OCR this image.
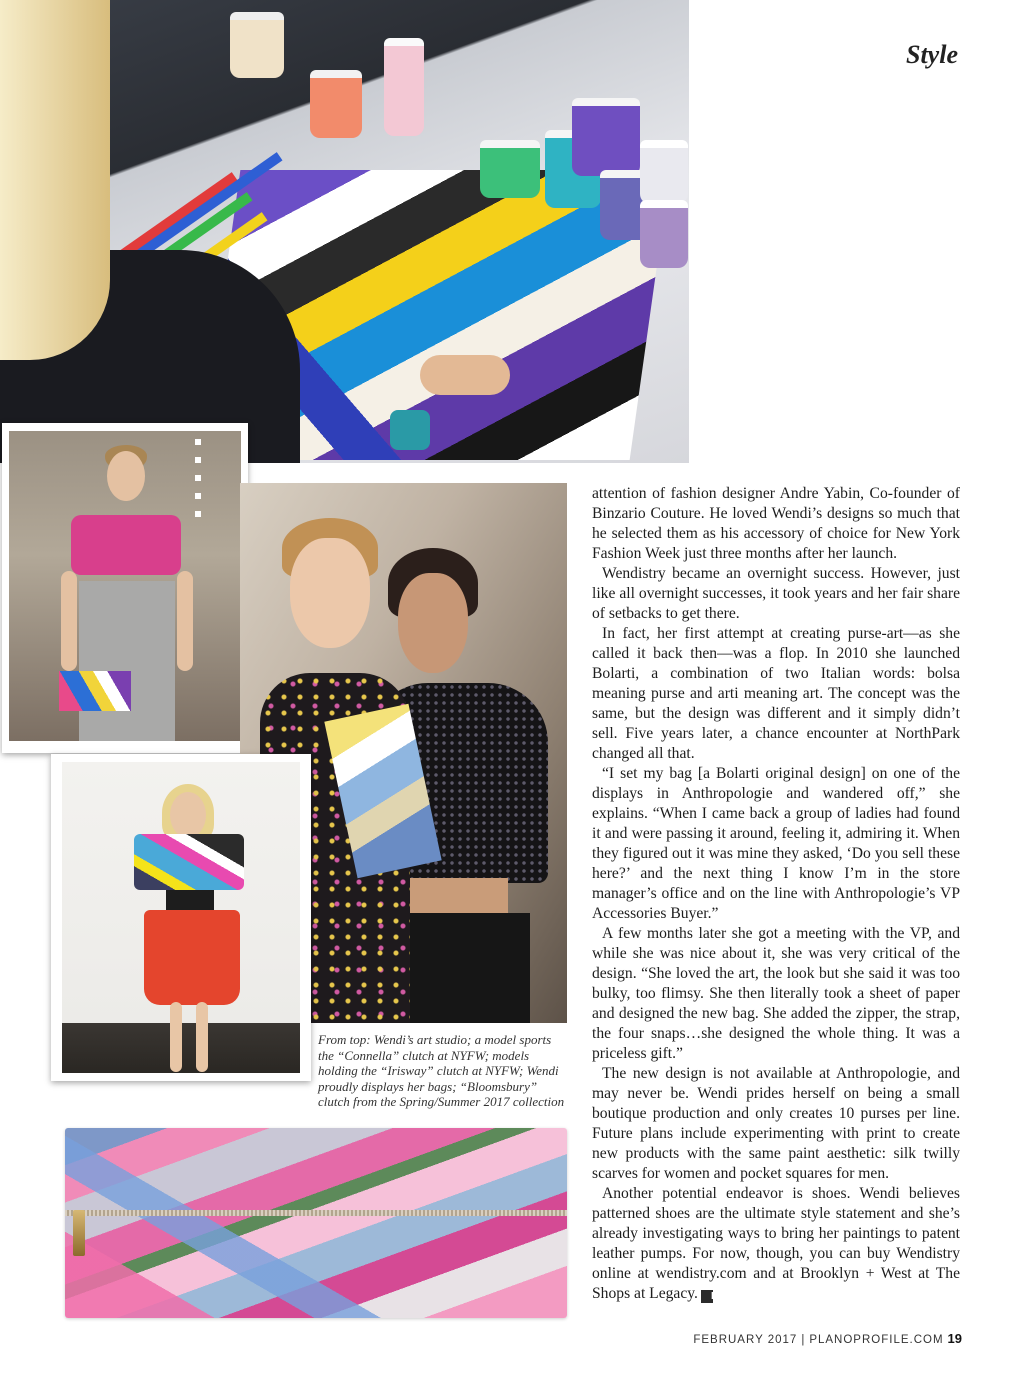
Style

From top: Wendi’s art studio; a model sports the “Connella” clutch at NYFW; models holding the “Irisway” clutch at NYFW; Wendi proudly displays her bags; “Bloomsbury” clutch from the Spring/Summer 2017 collection

attention of fashion designer Andre Yabin, Co-founder of Binzario Couture. He loved Wendi’s designs so much that he selected them as his accessory of choice for New York Fashion Week just three months after her launch.

Wendistry became an overnight success. However, just like all overnight successes, it took years and her fair share of setbacks to get there.

In fact, her first attempt at creating purse-art—as she called it back then—was a flop. In 2010 she launched Bolarti, a combination of two Italian words: bolsa meaning purse and arti meaning art. The concept was the same, but the design was different and it simply didn’t sell. Five years later, a chance encounter at NorthPark changed all that.

“I set my bag [a Bolarti original design] on one of the displays in Anthropologie and wandered off,” she explains. “When I came back a group of ladies had found it and were passing it around, feeling it, admiring it. When they figured out it was mine they asked, ‘Do you sell these here?’ and the next thing I know I’m in the store manager’s office and on the line with Anthropologie’s VP Accessories Buyer.”

A few months later she got a meeting with the VP, and while she was nice about it, she was very critical of the design. “She loved the art, the look but she said it was too bulky, too flimsy. She then literally took a sheet of paper and designed the new bag. She added the zipper, the strap, the four snaps…she designed the whole thing. It was a priceless gift.”

The new design is not available at Anthropologie, and may never be. Wendi prides herself on being a small boutique production and only creates 10 purses per line. Future plans include experimenting with print to create new products with the same paint aesthetic: silk twilly scarves for women and pocket squares for men.

Another potential endeavor is shoes. Wendi believes patterned shoes are the ultimate style statement and she’s already investigating ways to bring her paintings to patent leather pumps. For now, though, you can buy Wendistry online at wendistry.com and at Brooklyn + West at The Shops at Legacy. P

FEBRUARY 2017 | PLANOPROFILE.COM 19
